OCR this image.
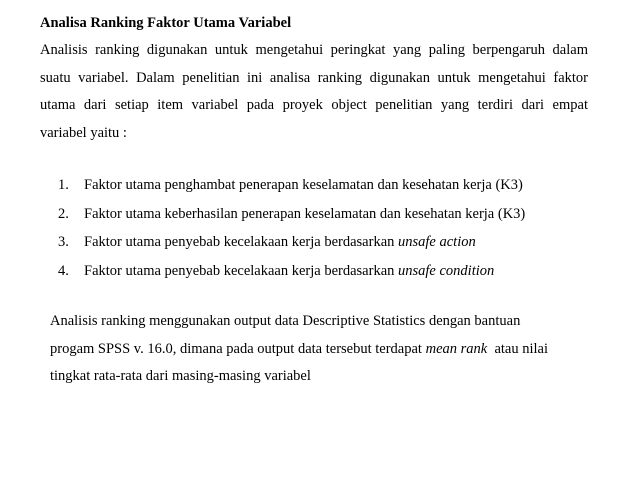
Analisa Ranking Faktor Utama Variabel
Analisis ranking digunakan untuk mengetahui peringkat yang paling berpengaruh dalam
suatu variabel. Dalam penelitian ini analisa ranking digunakan untuk mengetahui faktor
utama dari setiap item variabel pada proyek object penelitian yang terdiri dari empat
variabel yaitu :
1. Faktor utama penghambat penerapan keselamatan dan kesehatan kerja (K3)
2. Faktor utama keberhasilan penerapan keselamatan dan kesehatan kerja (K3)
3. Faktor utama penyebab kecelakaan kerja berdasarkan unsafe action
4. Faktor utama penyebab kecelakaan kerja berdasarkan unsafe condition
Analisis ranking menggunakan output data Descriptive Statistics dengan bantuan
progam SPSS v. 16.0, dimana pada output data tersebut terdapat mean rank  atau nilai
tingkat rata-rata dari masing-masing variabel
